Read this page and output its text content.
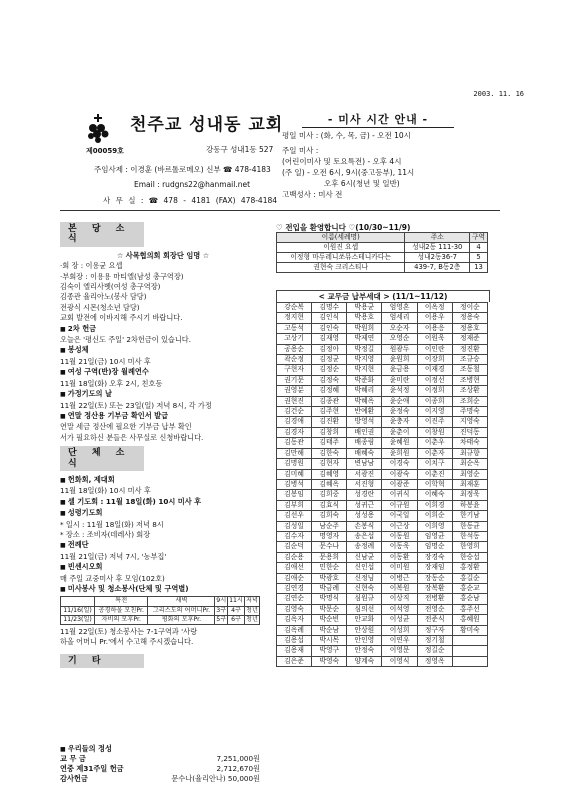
2003. 11. 16
제00059호
천주교 성내동 교회
강동구 성내1동 527
주임사제 : 이경훈 (바르톨로메오) 신부 ☎ 478-4183
Email : rudgns22@hanmail.net
사 무 실 : ☎ 478 - 4181 (FAX) 478-4184
- 미사 시간 안내 -
평일 미사 : (화, 수, 목, 금) - 오전 10시
주일 미사 :
(어린이미사 및 토요특전) - 오후 4시
(주 일) - 오전 6시, 9시(중고등부), 11시
오후 6시(청년 및 일반)
고백성사 : 미사 전
본 당 소 식
☆ 사목협의회 회장단 임명 ☆
·회 장 : 이용균 요셉
·부회장 : 이용용 마티엘(남성 총구역장)
김숙이 엘리사벳(여성 총구역장)
김종관 율리아노(봉사 담당)
전광식 시몬(청소년 담당)
교회 발전에 이바지해 주시기 바랍니다.
■ 2차 헌금
오늘은 '평신도 주일' 2차헌금이 있습니다.
■ 봉성체
11월 21일(금) 10시 미사 후
■ 여성 구역(반)장 월례연수
11월 18일(화) 오후 2시, 친호동
■ 가정기도의 날
11월 22일(토) 또는 23일(일) 저녁 8시, 각 가정
■ 연말 정산용 기부금 확인서 발급
연말 세금 정산에 필요한 기부금 납부 확인
서가 필요하신 분들은 사무실로 신청바랍니다.
단 체 소 식
■ 헌화회, 제대회
11월 18일(화) 10시 미사 후
■ 셀 기도회 : 11월 18일(화) 10시 미사 후
■ 성령기도회
* 일시 : 11월 18일(화) 저녁 8시
* 장소 : 조비자(데레사) 회장
■ 전례단
11월 21일(금) 저녁 7시, '농부집'
■ 빈센시오회
매 주일 교중미사 후 모임(102호)
■ 미사봉사 및 청소봉사(단체 및 구역별)
	특전	새벽	9시	11시	저녁
11/16(일)	공경하올 모친Pr.	그리스도의 어머니Pr.	3구	4구	청년
11/23(일)	자비의 모후Pr.	평화의 모후Pr.	5구	6구	청년
11월 22일(토) 청소봉사는 7-1구역과 '사랑
하올 어머니 Pr.'에서 수고해 주시겠습니다.
기 타
■ 우리들의 정성
교 무 금	7,251,000원
연중 제31주일 헌금	2,712,670원
감사헌금	문수나(율리안나) 50,000원
♡ 전입을 환영합니다 ♡(10/30~11/9)
이름(세례명)	주소	구역
이원진 요셉	성내2동 111-30	4
이정형 마두레니쏘뮤스테니카다는	성내2동36-7	5
권현숙 크리스티나	439-7, B동2층	13
< 교무금 납부세대 > (11/1~11/12)
강순복	김명수	박용균	엄영혼	이옥정	정이순
정지현	김인식	박용호	엄세리	이용우	정용숙
고동석	김인숙	박원희	오순자	이용응	정용호
고상기	김재영	박제연	오영순	이원욱	정재준
공용순	김정아	박정길	원광두	이인란	정진환
곽순정	김정균	박지영	윤원희	이장희	조규승
구현자	김정순	박지현	윤금용	이재경	조동철
권기문	김정숙	박준화	윤미란	이정선	조병현
권영분	김정혜	박혜리	윤석정	이정희	조상환
권현진	김종관	박혜옥	윤순애	이종희	조희순
김건순	김주현	반예환	윤정숙	이지영	주명숙
김경애	김진환	방영석	윤충자	이진주	지영숙
김경자	김창희	배인권	윤춘이	이창원	진덕동
김동관	김태주	배종림	윤혜원	이춘우	차태숙
김만해	김한숙	배혜숙	윤희원	이춘자	최규향
김명원	김현자	변남남	이경숙	이치구	최순옥
김미혜	김혜영	서광진	이광숙	이춘진	최영순
김병석	김혜옥	서진형	이광준	이학혁	최재훈
김봉임	김희중	성경란	이귀식	이혜숙	최정욱
김부희	김효식	성귀근	이규원	이희경	하봉윤
김선우	김희숙	성성용	이국일	이희순	한기남
김성일	남순주	손봉식	이근상	이희영	한동균
김수자	명영자	송은섭	이동원	임영균	한석동
김순덕	문수나	송정례	이동욱	임명순	한영희
김순용	문용희	신남균	이동환	장경숙	한승섭
김애선	민한순	신인섭	이미원	장재임	홍정환
김애순	박광호	신정님	이병근	장동순	홍길순
김연경	박금례	신현숙	이복원	장복환	홍순교
김연순	박명식	심원규	이상직	전병환	홍순남
김영숙	박문순	심의선	이석영	전영순	홍주선
김옥자	박순빈	안교화	이성균	전준식	홍혜원
김옥례	박순남	안상원	이성희	정구자	황미숙
김용섭	박시목	안인영	이연우	정기철	
김용재	박영구	안정숙	이영문	정길순	
김은준	박영숙	양계숙	이영식	정영옥	
